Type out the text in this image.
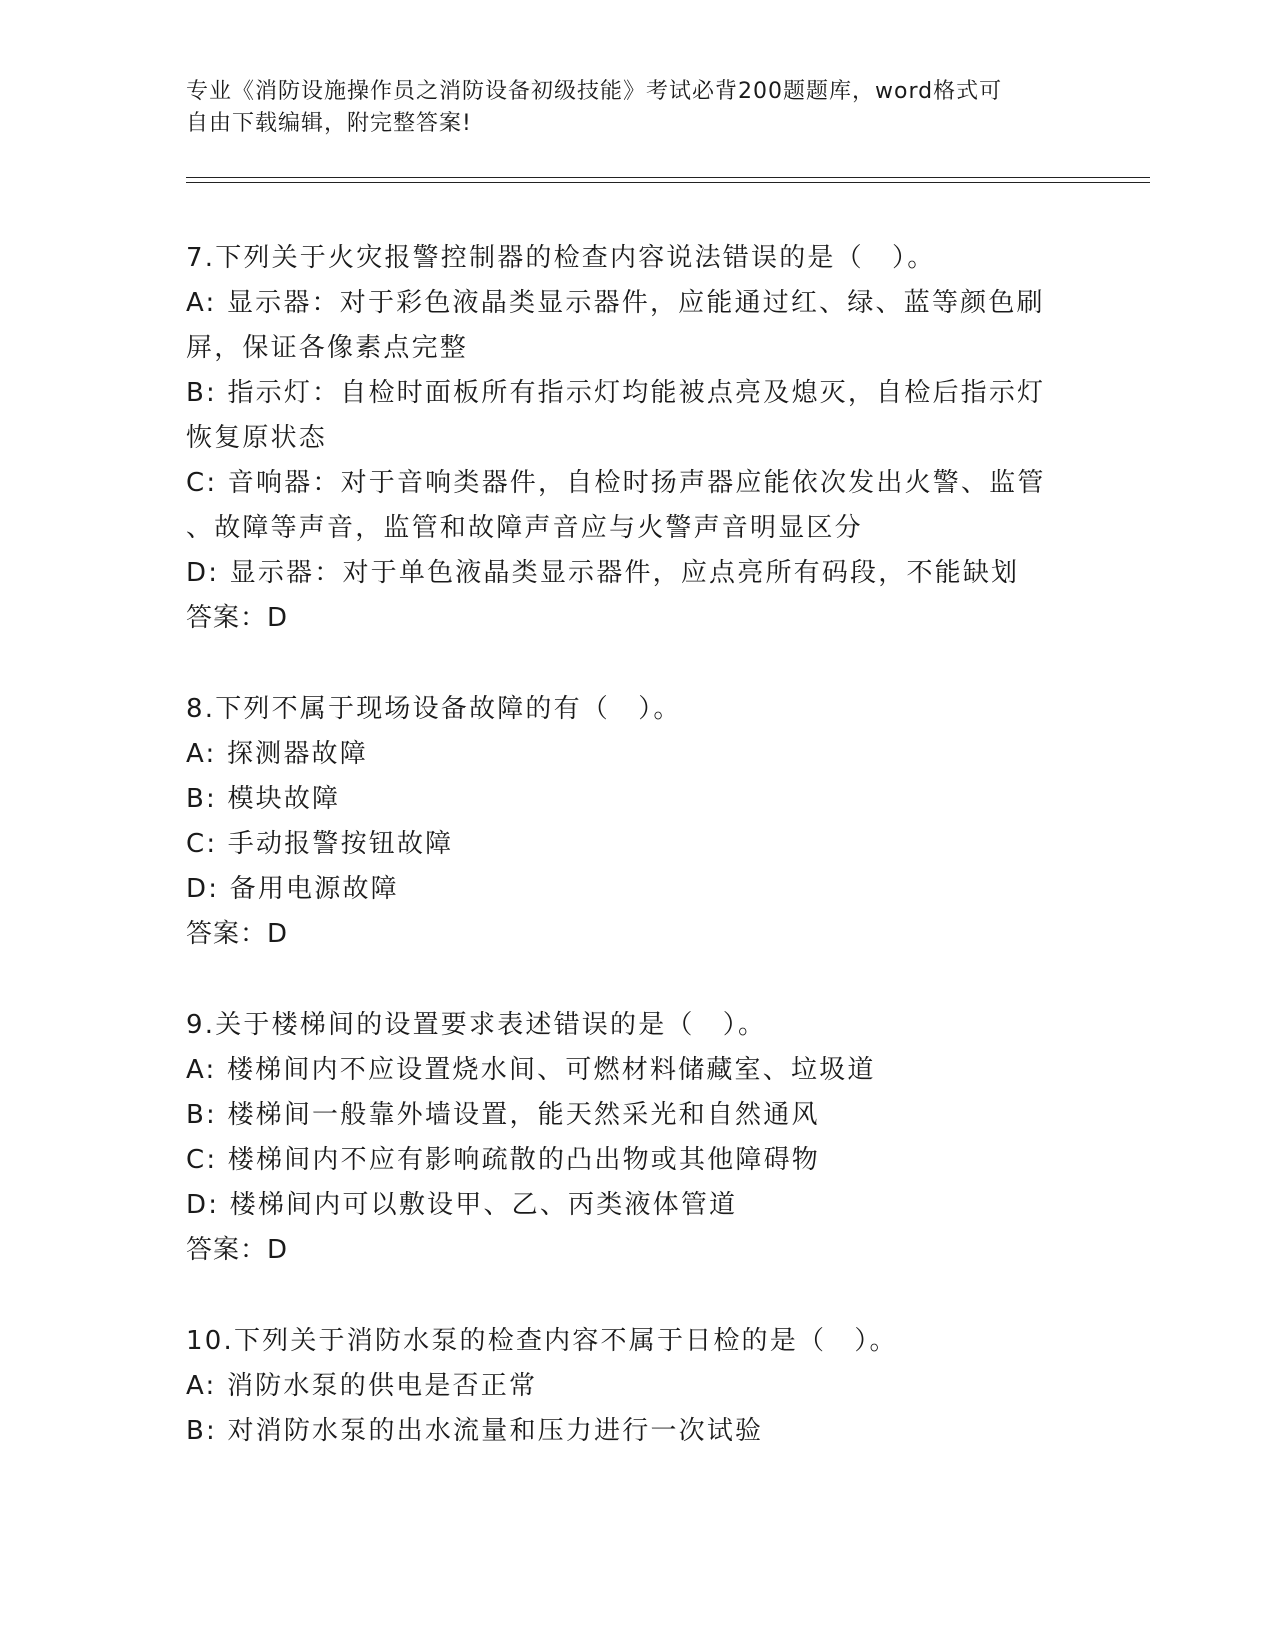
专业《消防设施操作员之消防设备初级技能》考试必背200题题库，word格式可
自由下载编辑，附完整答案!

7.下列关于火灾报警控制器的检查内容说法错误的是（　）。

A: 显示器：对于彩色液晶类显示器件，应能通过红、绿、蓝等颜色刷

屏，保证各像素点完整

B: 指示灯：自检时面板所有指示灯均能被点亮及熄灭，自检后指示灯

恢复原状态

C: 音响器：对于音响类器件，自检时扬声器应能依次发出火警、监管

、故障等声音，监管和故障声音应与火警声音明显区分

D: 显示器：对于单色液晶类显示器件，应点亮所有码段，不能缺划

答案：D

8.下列不属于现场设备故障的有（　）。

A: 探测器故障

B: 模块故障

C: 手动报警按钮故障

D: 备用电源故障

答案：D

9.关于楼梯间的设置要求表述错误的是（　）。

A: 楼梯间内不应设置烧水间、可燃材料储藏室、垃圾道

B: 楼梯间一般靠外墙设置，能天然采光和自然通风

C: 楼梯间内不应有影响疏散的凸出物或其他障碍物

D: 楼梯间内可以敷设甲、乙、丙类液体管道

答案：D

10.下列关于消防水泵的检查内容不属于日检的是（　）。

A: 消防水泵的供电是否正常

B: 对消防水泵的出水流量和压力进行一次试验
